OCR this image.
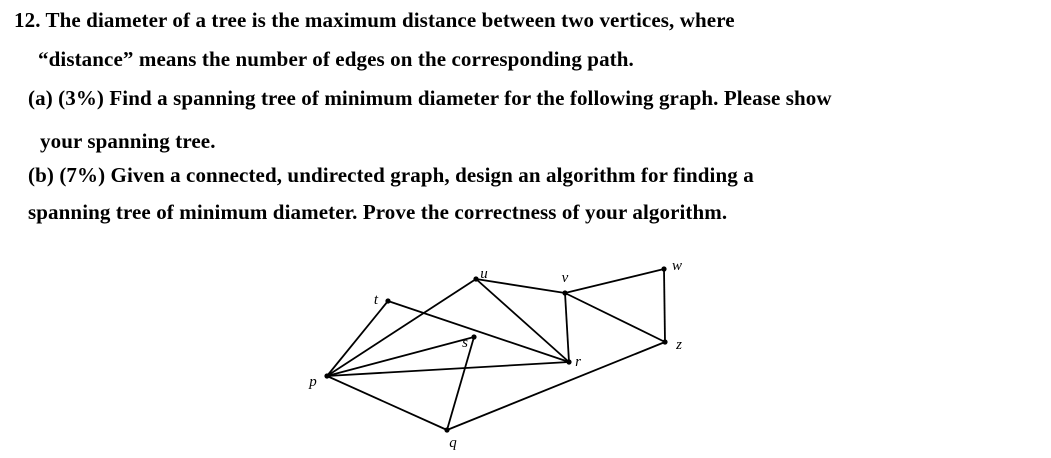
12. The diameter of a tree is the maximum distance between two vertices, where
“distance” means the number of edges on the corresponding path.
(a) (3%) Find a spanning tree of minimum diameter for the following graph. Please show
your spanning tree.
(b) (7%) Given a connected, undirected graph, design an algorithm for finding a
spanning tree of minimum diameter. Prove the correctness of your algorithm.
t
u	v
w
s
r
z
p
q
